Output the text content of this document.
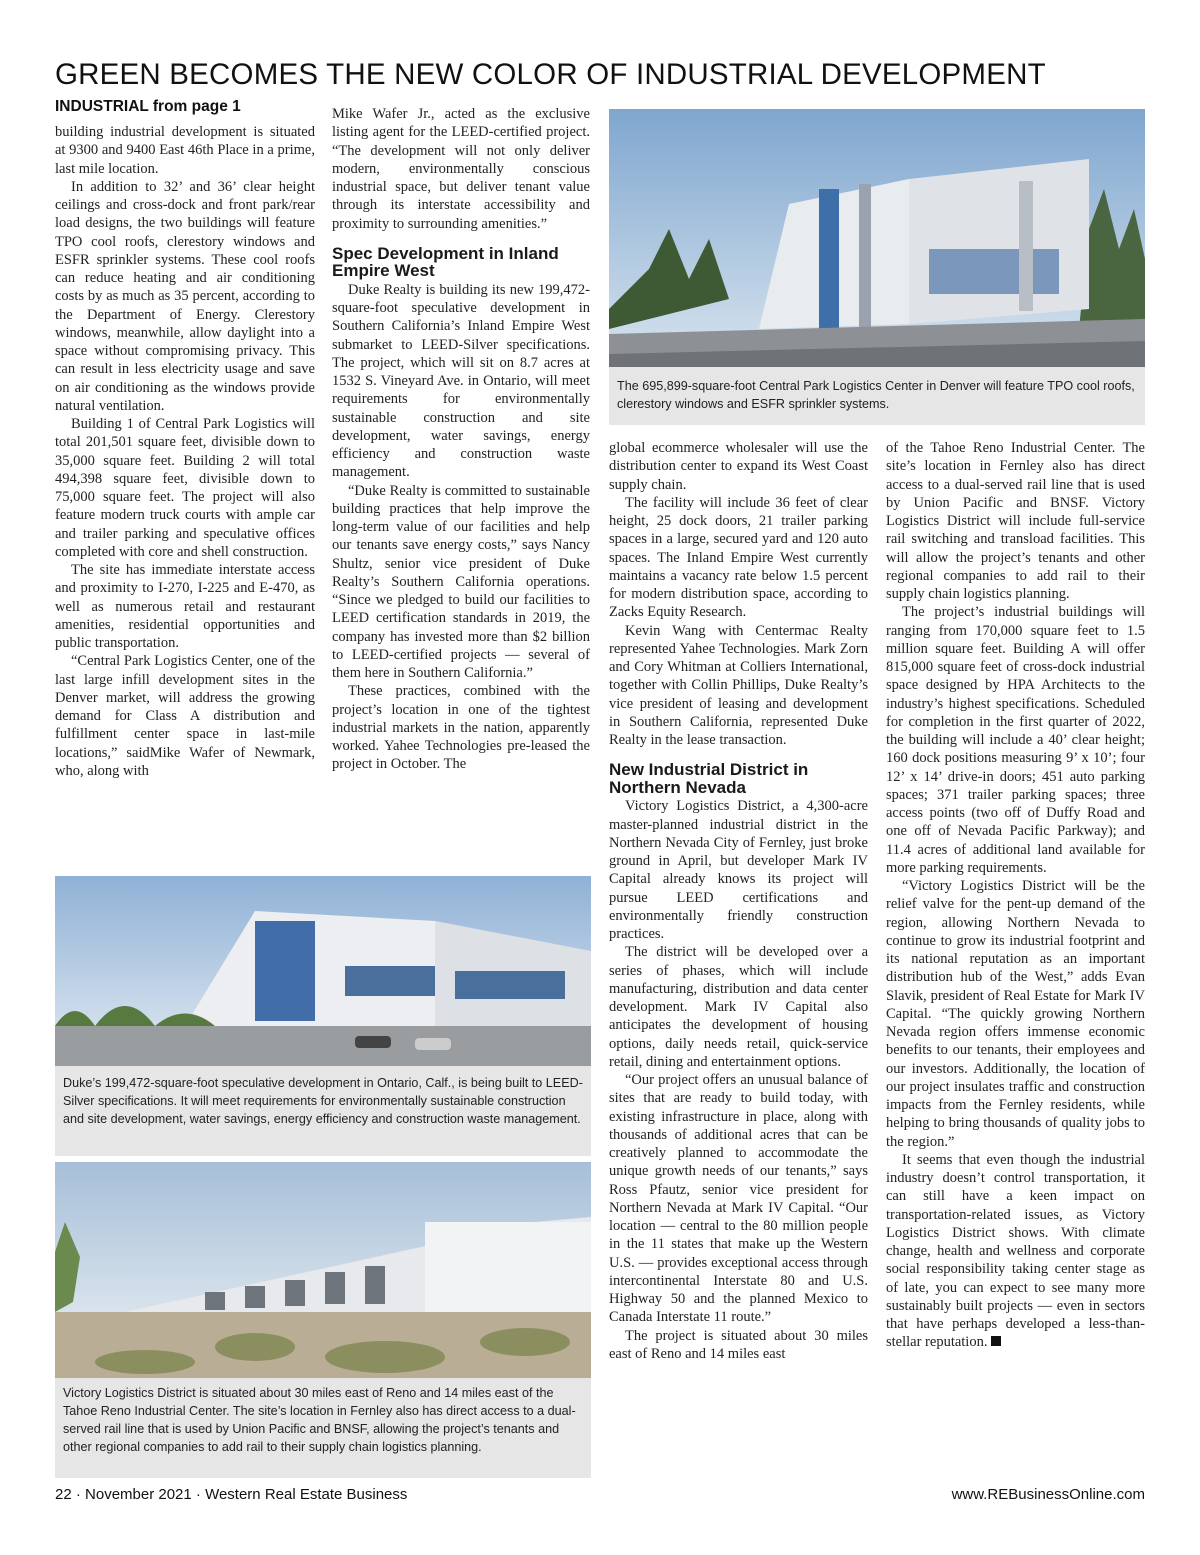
GREEN BECOMES THE NEW COLOR OF INDUSTRIAL DEVELOPMENT
INDUSTRIAL from page 1

building industrial development is situated at 9300 and 9400 East 46th Place in a prime, last mile location.

In addition to 32’ and 36’ clear height ceilings and cross-dock and front park/rear load designs, the two buildings will feature TPO cool roofs, clerestory windows and ESFR sprinkler systems. These cool roofs can reduce heating and air conditioning costs by as much as 35 percent, according to the Department of Energy. Clerestory windows, meanwhile, allow daylight into a space without compromising privacy. This can result in less electricity usage and save on air conditioning as the windows provide natural ventilation.

Building 1 of Central Park Logistics will total 201,501 square feet, divisible down to 35,000 square feet. Building 2 will total 494,398 square feet, divisible down to 75,000 square feet. The project will also feature modern truck courts with ample car and trailer parking and speculative offices completed with core and shell construction.

The site has immediate interstate access and proximity to I-270, I-225 and E-470, as well as numerous retail and restaurant amenities, residential opportunities and public transportation.

“Central Park Logistics Center, one of the last large infill development sites in the Denver market, will address the growing demand for Class A distribution and fulfillment center space in last-mile locations,” saidMike Wafer of Newmark, who, along with

Mike Wafer Jr., acted as the exclusive listing agent for the LEED-certified project. “The development will not only deliver modern, environmentally conscious industrial space, but deliver tenant value through its interstate accessibility and proximity to surrounding amenities.”

Spec Development in Inland Empire West

Duke Realty is building its new 199,472-square-foot speculative development in Southern California’s Inland Empire West submarket to LEED-Silver specifications. The project, which will sit on 8.7 acres at 1532 S. Vineyard Ave. in Ontario, will meet requirements for environmentally sustainable construction and site development, water savings, energy efficiency and construction waste management.

“Duke Realty is committed to sustainable building practices that help improve the long-term value of our facilities and help our tenants save energy costs,” says Nancy Shultz, senior vice president of Duke Realty’s Southern California operations. “Since we pledged to build our facilities to LEED certification standards in 2019, the company has invested more than $2 billion to LEED-certified projects — several of them here in Southern California.”

These practices, combined with the project’s location in one of the tightest industrial markets in the nation, apparently worked. Yahee Technologies pre-leased the project in October. The

global ecommerce wholesaler will use the distribution center to expand its West Coast supply chain.

The facility will include 36 feet of clear height, 25 dock doors, 21 trailer parking spaces in a large, secured yard and 120 auto spaces. The Inland Empire West currently maintains a vacancy rate below 1.5 percent for modern distribution space, according to Zacks Equity Research.

Kevin Wang with Centermac Realty represented Yahee Technologies. Mark Zorn and Cory Whitman at Colliers International, together with Collin Phillips, Duke Realty’s vice president of leasing and development in Southern California, represented Duke Realty in the lease transaction.

New Industrial District in Northern Nevada

Victory Logistics District, a 4,300-acre master-planned industrial district in the Northern Nevada City of Fernley, just broke ground in April, but developer Mark IV Capital already knows its project will pursue LEED certifications and environmentally friendly construction practices.

The district will be developed over a series of phases, which will include manufacturing, distribution and data center development. Mark IV Capital also anticipates the development of housing options, daily needs retail, quick-service retail, dining and entertainment options.

“Our project offers an unusual balance of sites that are ready to build today, with existing infrastructure in place, along with thousands of additional acres that can be creatively planned to accommodate the unique growth needs of our tenants,” says Ross Pfautz, senior vice president for Northern Nevada at Mark IV Capital. “Our location — central to the 80 million people in the 11 states that make up the Western U.S. — provides exceptional access through intercontinental Interstate 80 and U.S. Highway 50 and the planned Mexico to Canada Interstate 11 route.”

The project is situated about 30 miles east of Reno and 14 miles east

of the Tahoe Reno Industrial Center. The site’s location in Fernley also has direct access to a dual-served rail line that is used by Union Pacific and BNSF. Victory Logistics District will include full-service rail switching and transload facilities. This will allow the project’s tenants and other regional companies to add rail to their supply chain logistics planning.

The project’s industrial buildings will ranging from 170,000 square feet to 1.5 million square feet. Building A will offer 815,000 square feet of cross-dock industrial space designed by HPA Architects to the industry’s highest specifications. Scheduled for completion in the first quarter of 2022, the building will include a 40’ clear height; 160 dock positions measuring 9’ x 10’; four 12’ x 14’ drive-in doors; 451 auto parking spaces; 371 trailer parking spaces; three access points (two off of Duffy Road and one off of Nevada Pacific Parkway); and 11.4 acres of additional land available for more parking requirements.

“Victory Logistics District will be the relief valve for the pent-up demand of the region, allowing Northern Nevada to continue to grow its industrial footprint and its national reputation as an important distribution hub of the West,” adds Evan Slavik, president of Real Estate for Mark IV Capital. “The quickly growing Northern Nevada region offers immense economic benefits to our tenants, their employees and our investors. Additionally, the location of our project insulates traffic and construction impacts from the Fernley residents, while helping to bring thousands of quality jobs to the region.”

It seems that even though the industrial industry doesn’t control transportation, it can still have a keen impact on transportation-related issues, as Victory Logistics District shows. With climate change, health and wellness and corporate social responsibility taking center stage as of late, you can expect to see many more sustainably built projects — even in sectors that have perhaps developed a less-than-stellar reputation.

The 695,899-square-foot Central Park Logistics Center in Denver will feature TPO cool roofs, clerestory windows and ESFR sprinkler systems.
Duke’s 199,472-square-foot speculative development in Ontario, Calf., is being built to LEED-Silver specifications. It will meet requirements for environmentally sustainable construction and site development, water savings, energy efficiency and construction waste management.
Victory Logistics District is situated about 30 miles east of Reno and 14 miles east of the Tahoe Reno Industrial Center. The site’s location in Fernley also has direct access to a dual-served rail line that is used by Union Pacific and BNSF, allowing the project’s tenants and other regional companies to add rail to their supply chain logistics planning.
22 · November 2021 · Western Real Estate Business	www.REBusinessOnline.com
